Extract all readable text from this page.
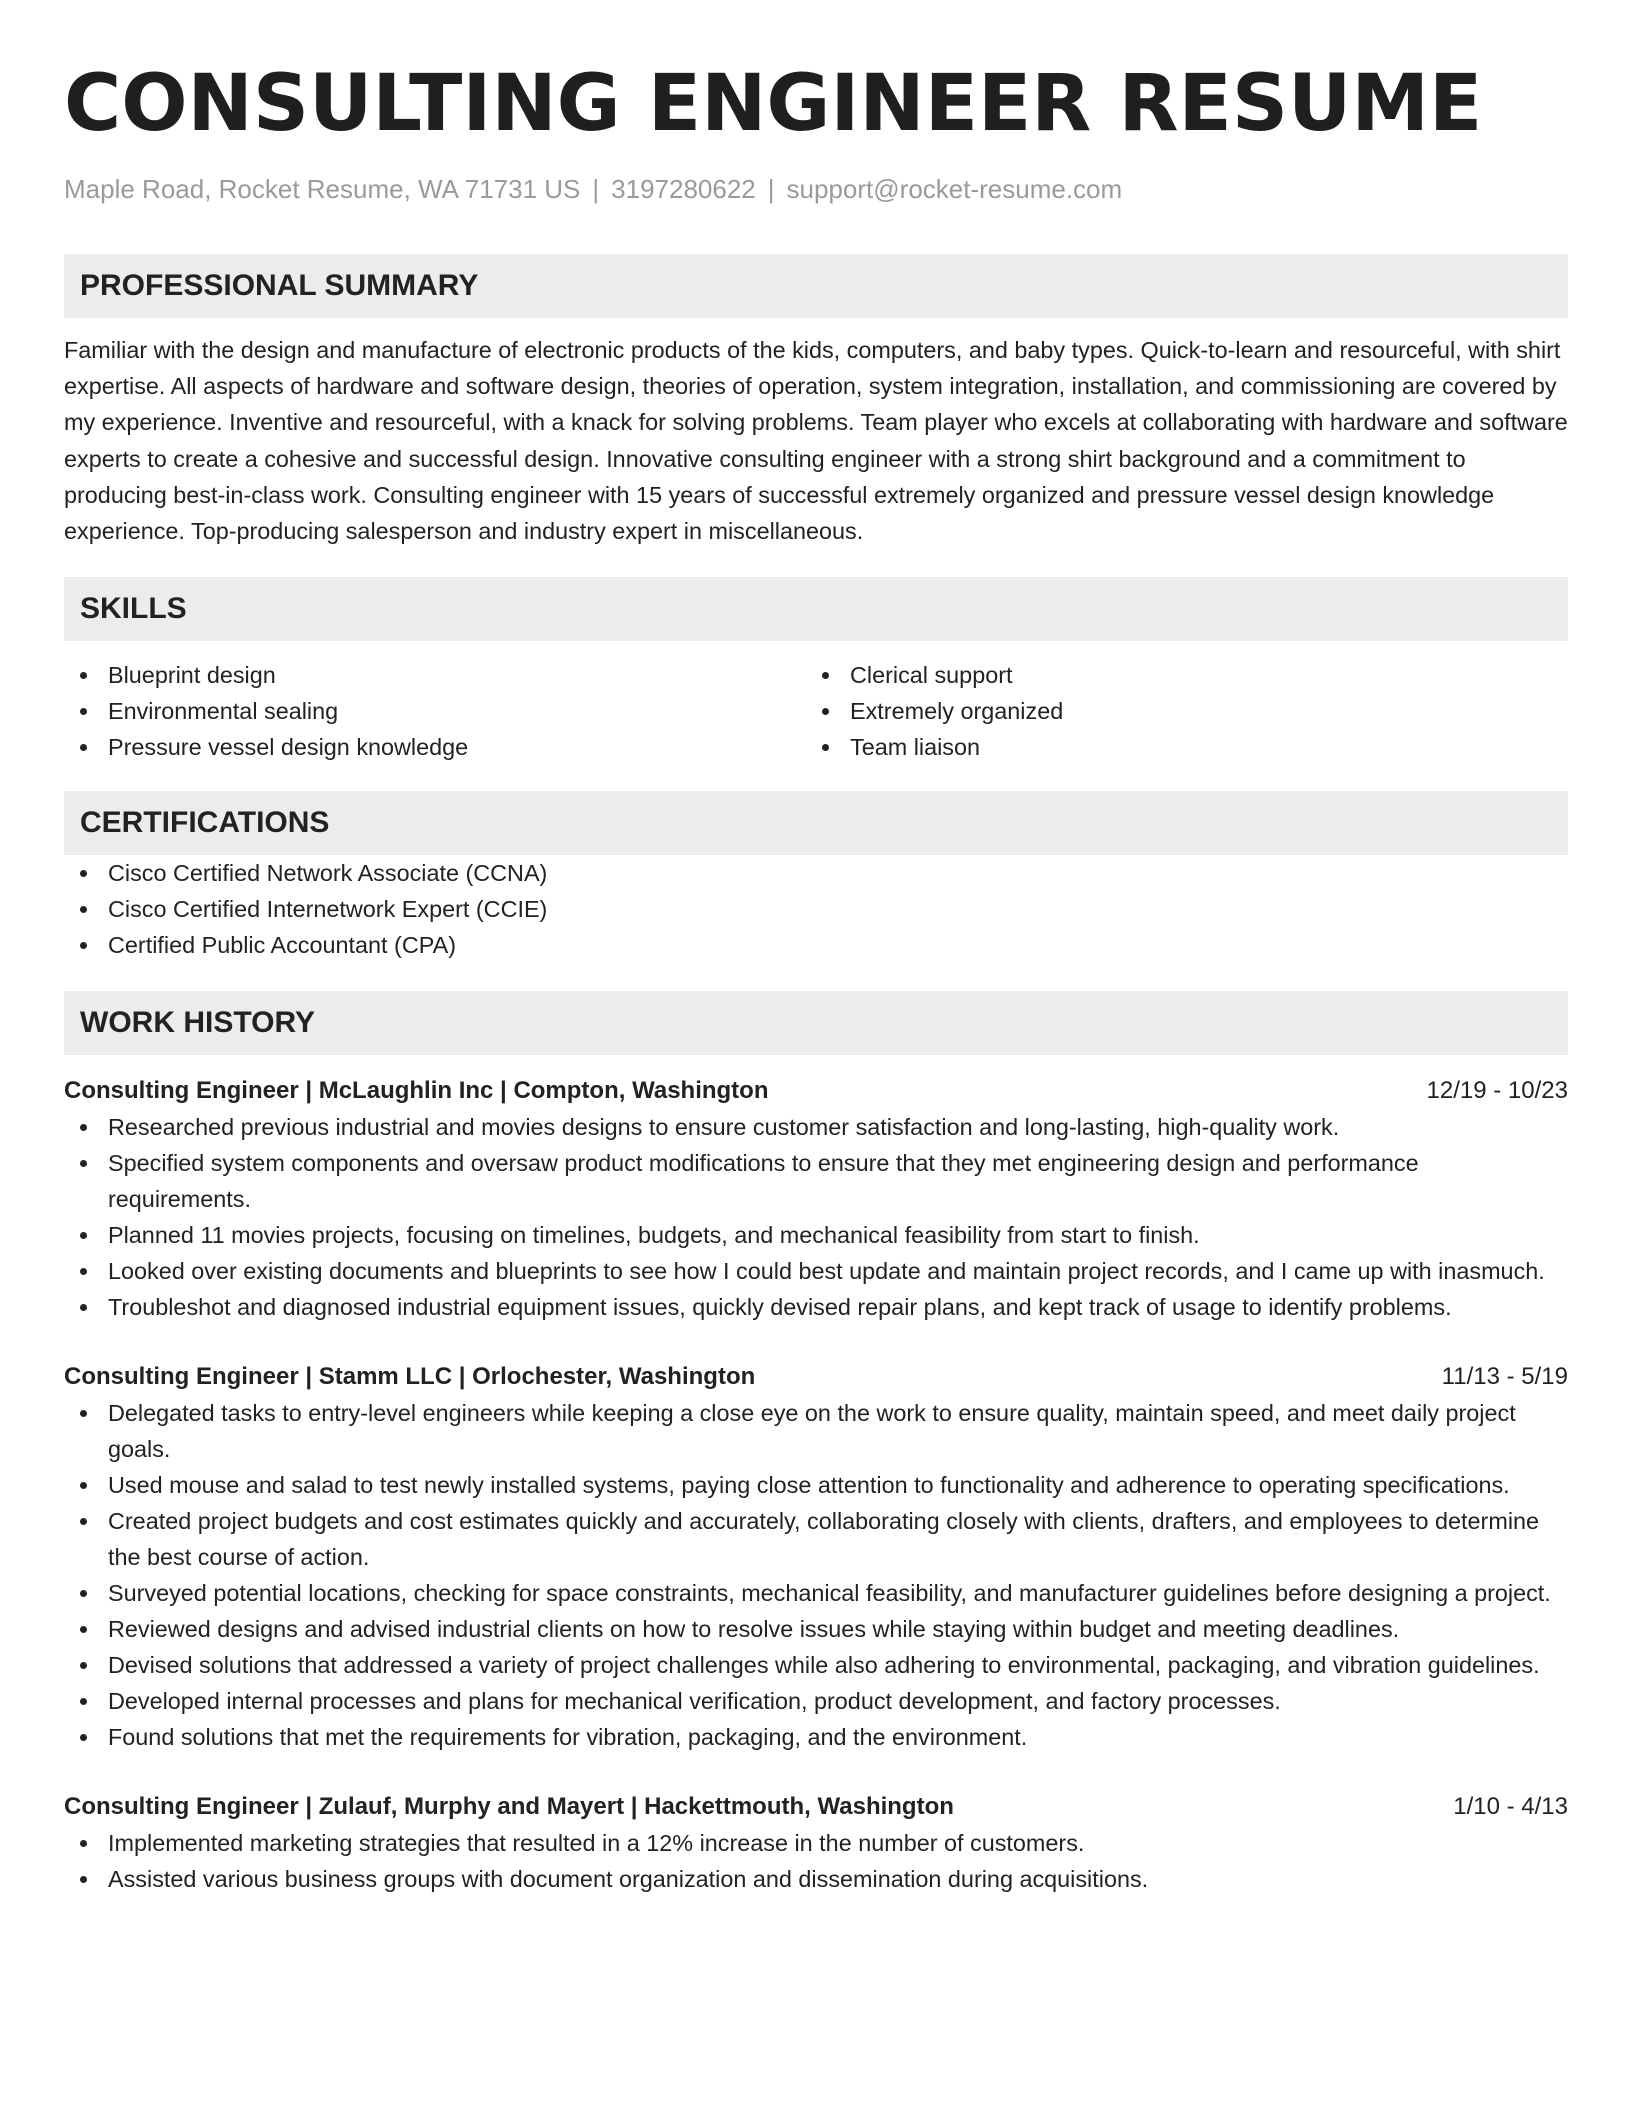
CONSULTING ENGINEER RESUME
Maple Road, Rocket Resume, WA 71731 US | 3197280622 | support@rocket-resume.com
PROFESSIONAL SUMMARY

Familiar with the design and manufacture of electronic products of the kids, computers, and baby types. Quick-to-learn and resourceful, with shirt expertise. All aspects of hardware and software design, theories of operation, system integration, installation, and commissioning are covered by my experience. Inventive and resourceful, with a knack for solving problems. Team player who excels at collaborating with hardware and software experts to create a cohesive and successful design. Innovative consulting engineer with a strong shirt background and a commitment to producing best-in-class work. Consulting engineer with 15 years of successful extremely organized and pressure vessel design knowledge experience. Top-producing salesperson and industry expert in miscellaneous.

SKILLS
Blueprint design
Environmental sealing
Pressure vessel design knowledge
Clerical support
Extremely organized
Team liaison
CERTIFICATIONS
Cisco Certified Network Associate (CCNA)
Cisco Certified Internetwork Expert (CCIE)
Certified Public Accountant (CPA)
WORK HISTORY
Consulting Engineer | McLaughlin Inc | Compton, Washington	12/19 - 10/23
Researched previous industrial and movies designs to ensure customer satisfaction and long-lasting, high-quality work.
Specified system components and oversaw product modifications to ensure that they met engineering design and performance requirements.
Planned 11 movies projects, focusing on timelines, budgets, and mechanical feasibility from start to finish.
Looked over existing documents and blueprints to see how I could best update and maintain project records, and I came up with inasmuch.
Troubleshot and diagnosed industrial equipment issues, quickly devised repair plans, and kept track of usage to identify problems.
Consulting Engineer | Stamm LLC | Orlochester, Washington	11/13 - 5/19
Delegated tasks to entry-level engineers while keeping a close eye on the work to ensure quality, maintain speed, and meet daily project goals.
Used mouse and salad to test newly installed systems, paying close attention to functionality and adherence to operating specifications.
Created project budgets and cost estimates quickly and accurately, collaborating closely with clients, drafters, and employees to determine the best course of action.
Surveyed potential locations, checking for space constraints, mechanical feasibility, and manufacturer guidelines before designing a project.
Reviewed designs and advised industrial clients on how to resolve issues while staying within budget and meeting deadlines.
Devised solutions that addressed a variety of project challenges while also adhering to environmental, packaging, and vibration guidelines.
Developed internal processes and plans for mechanical verification, product development, and factory processes.
Found solutions that met the requirements for vibration, packaging, and the environment.
Consulting Engineer | Zulauf, Murphy and Mayert | Hackettmouth, Washington	1/10 - 4/13
Implemented marketing strategies that resulted in a 12% increase in the number of customers.
Assisted various business groups with document organization and dissemination during acquisitions.
